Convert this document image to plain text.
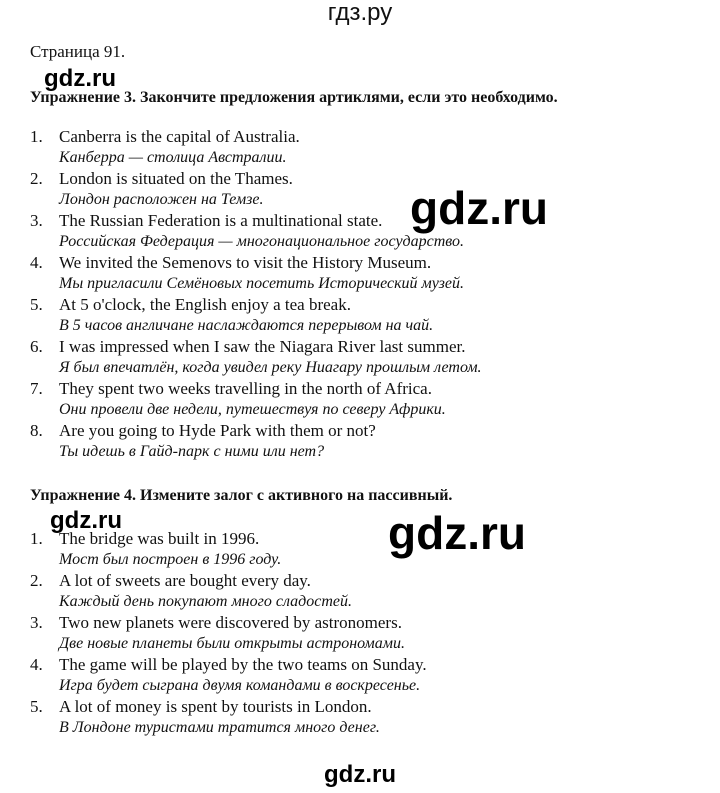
гдз.ру
Страница 91.
gdz.ru
Упражнение 3. Закончите предложения артиклями, если это необходимо.
1. Canberra is the capital of Australia.
Канберра — столица Австралии.
2. London is situated on the Thames.
Лондон расположен на Темзе.
3. The Russian Federation is a multinational state.
Российская Федерация — многонациональное государство.
4. We invited the Semenovs to visit the History Museum.
Мы пригласили Семёновых посетить Исторический музей.
5. At 5 o'clock, the English enjoy a tea break.
В 5 часов англичане наслаждаются перерывом на чай.
6. I was impressed when I saw the Niagara River last summer.
Я был впечатлён, когда увидел реку Ниагару прошлым летом.
7. They spent two weeks travelling in the north of Africa.
Они провели две недели, путешествуя по северу Африки.
8. Are you going to Hyde Park with them or not?
Ты идешь в Гайд-парк с ними или нет?
gdz.ru
Упражнение 4. Измените залог с активного на пассивный.
gdz.ru	gdz.ru
1. The bridge was built in 1996.
Мост был построен в 1996 году.
2. A lot of sweets are bought every day.
Каждый день покупают много сладостей.
3. Two new planets were discovered by astronomers.
Две новые планеты были открыты астрономами.
4. The game will be played by the two teams on Sunday.
Игра будет сыграна двумя командами в воскресенье.
5. A lot of money is spent by tourists in London.
В Лондоне туристами тратится много денег.
gdz.ru
